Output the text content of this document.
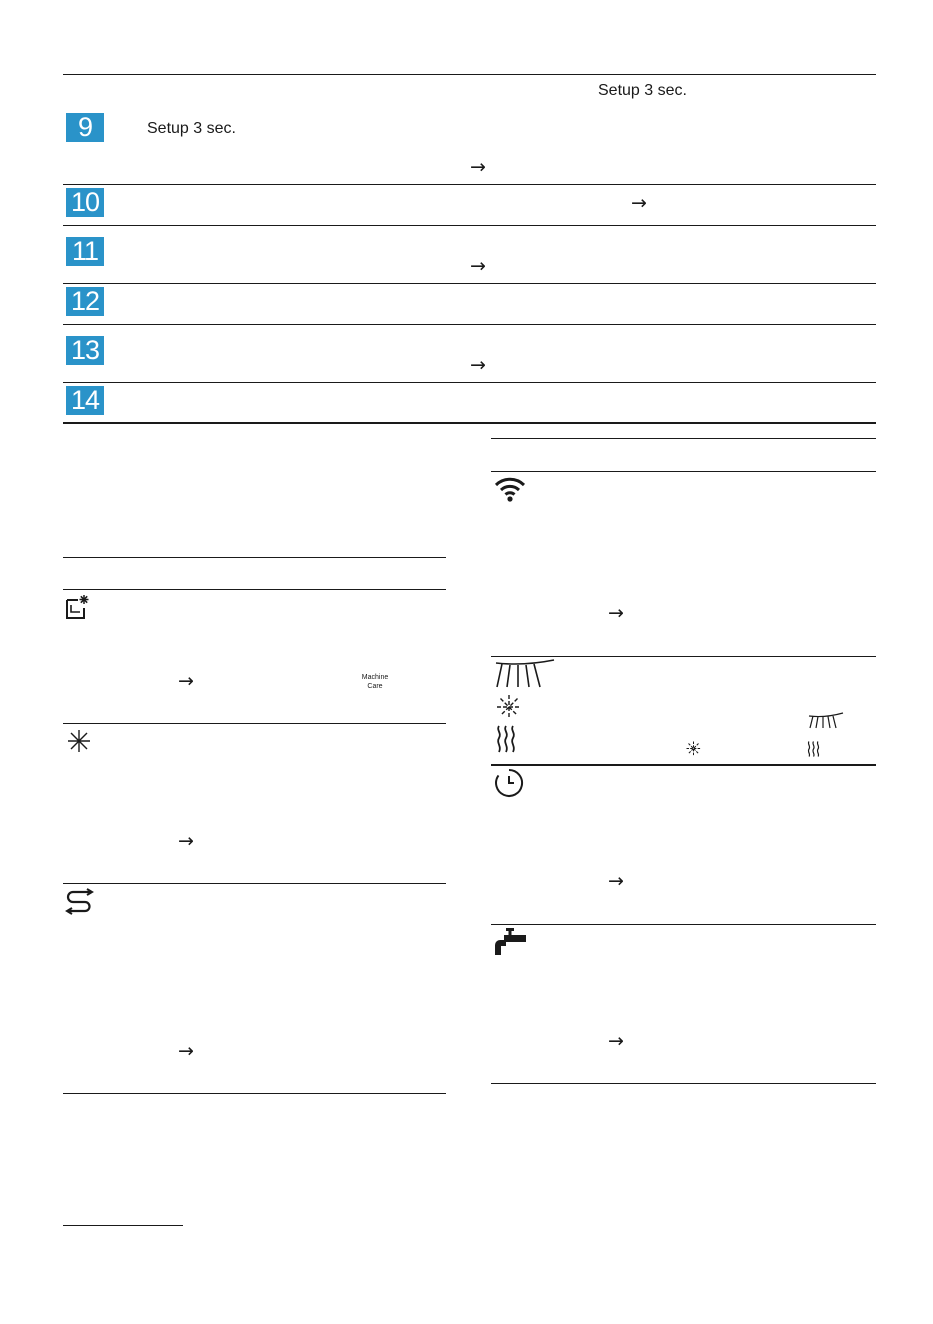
Setup 3 sec.
9	Setup 3 sec.
→
10	→
11	→
12
13	→
14
→	Machine Care
→
→
→
→
→
